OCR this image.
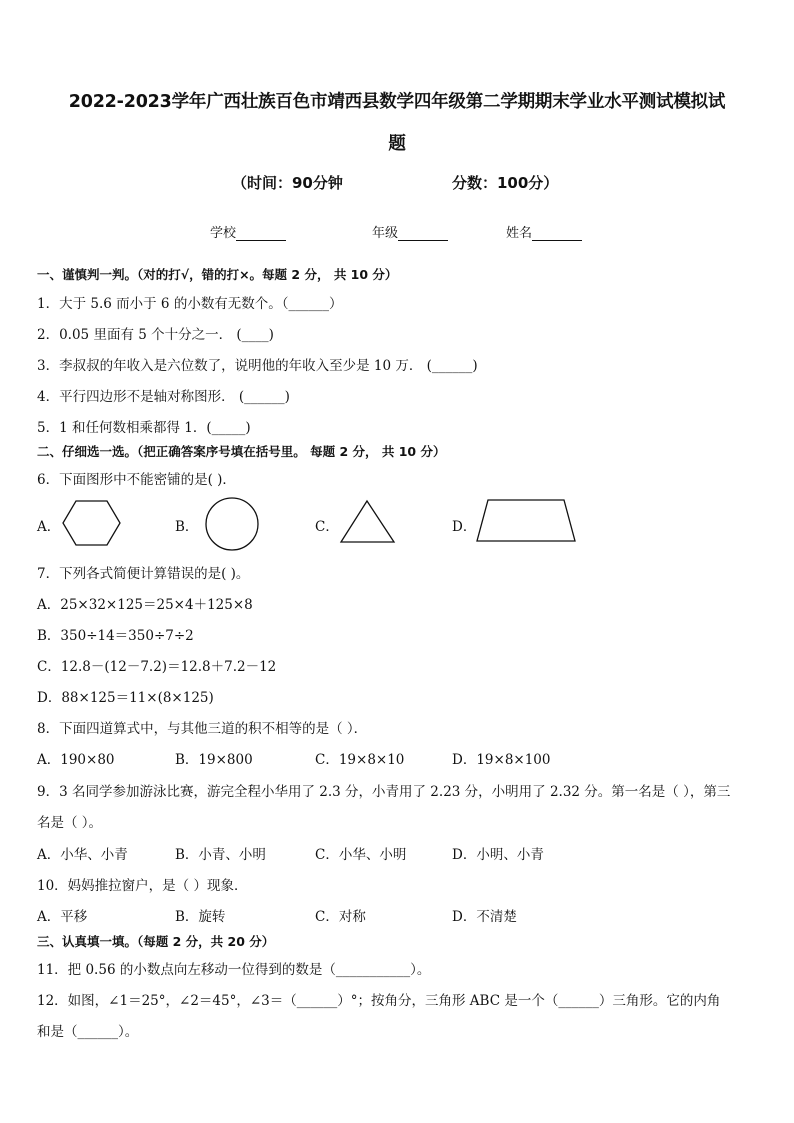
2022-2023学年广西壮族百色市靖西县数学四年级第二学期期末学业水平测试模拟试
题
（时间：90分钟	分数：100分）
学校	年级	姓名
一、谨慎判一判。（对的打√，错的打×。每题 2 分， 共 10 分）
1．大于 5.6 而小于 6 的小数有无数个。（______）
2．0.05 里面有 5 个十分之一． (____)
3．李叔叔的年收入是六位数了，说明他的年收入至少是 10 万． (______)
4．平行四边形不是轴对称图形． (______)
5．1 和任何数相乘都得 1．(_____)
二、仔细选一选。（把正确答案序号填在括号里。 每题 2 分， 共 10 分）
6．下面图形中不能密铺的是( )．
A．	B．	C．	D．
7．下列各式简便计算错误的是( )。
A．25×32×125＝25×4＋125×8
B．350÷14＝350÷7÷2
C．12.8－(12－7.2)＝12.8＋7.2－12
D．88×125＝11×(8×125)
8．下面四道算式中，与其他三道的积不相等的是（ ）．
A．190×80	B．19×800	C．19×8×10	D．19×8×100
9．3 名同学参加游泳比赛，游完全程小华用了 2.3 分，小青用了 2.23 分，小明用了 2.32 分。第一名是（ ），第三
名是（ ）。
A．小华、小青	B．小青、小明	C．小华、小明	D．小明、小青
10．妈妈推拉窗户，是（ ）现象．
A．平移	B．旋转	C．对称	D．不清楚
三、认真填一填。（每题 2 分，共 20 分）
11．把 0.56 的小数点向左移动一位得到的数是（___________）。
12．如图，∠1＝25°，∠2＝45°，∠3＝（______）°；按角分，三角形 ABC 是一个（______）三角形。它的内角
和是（______）。
